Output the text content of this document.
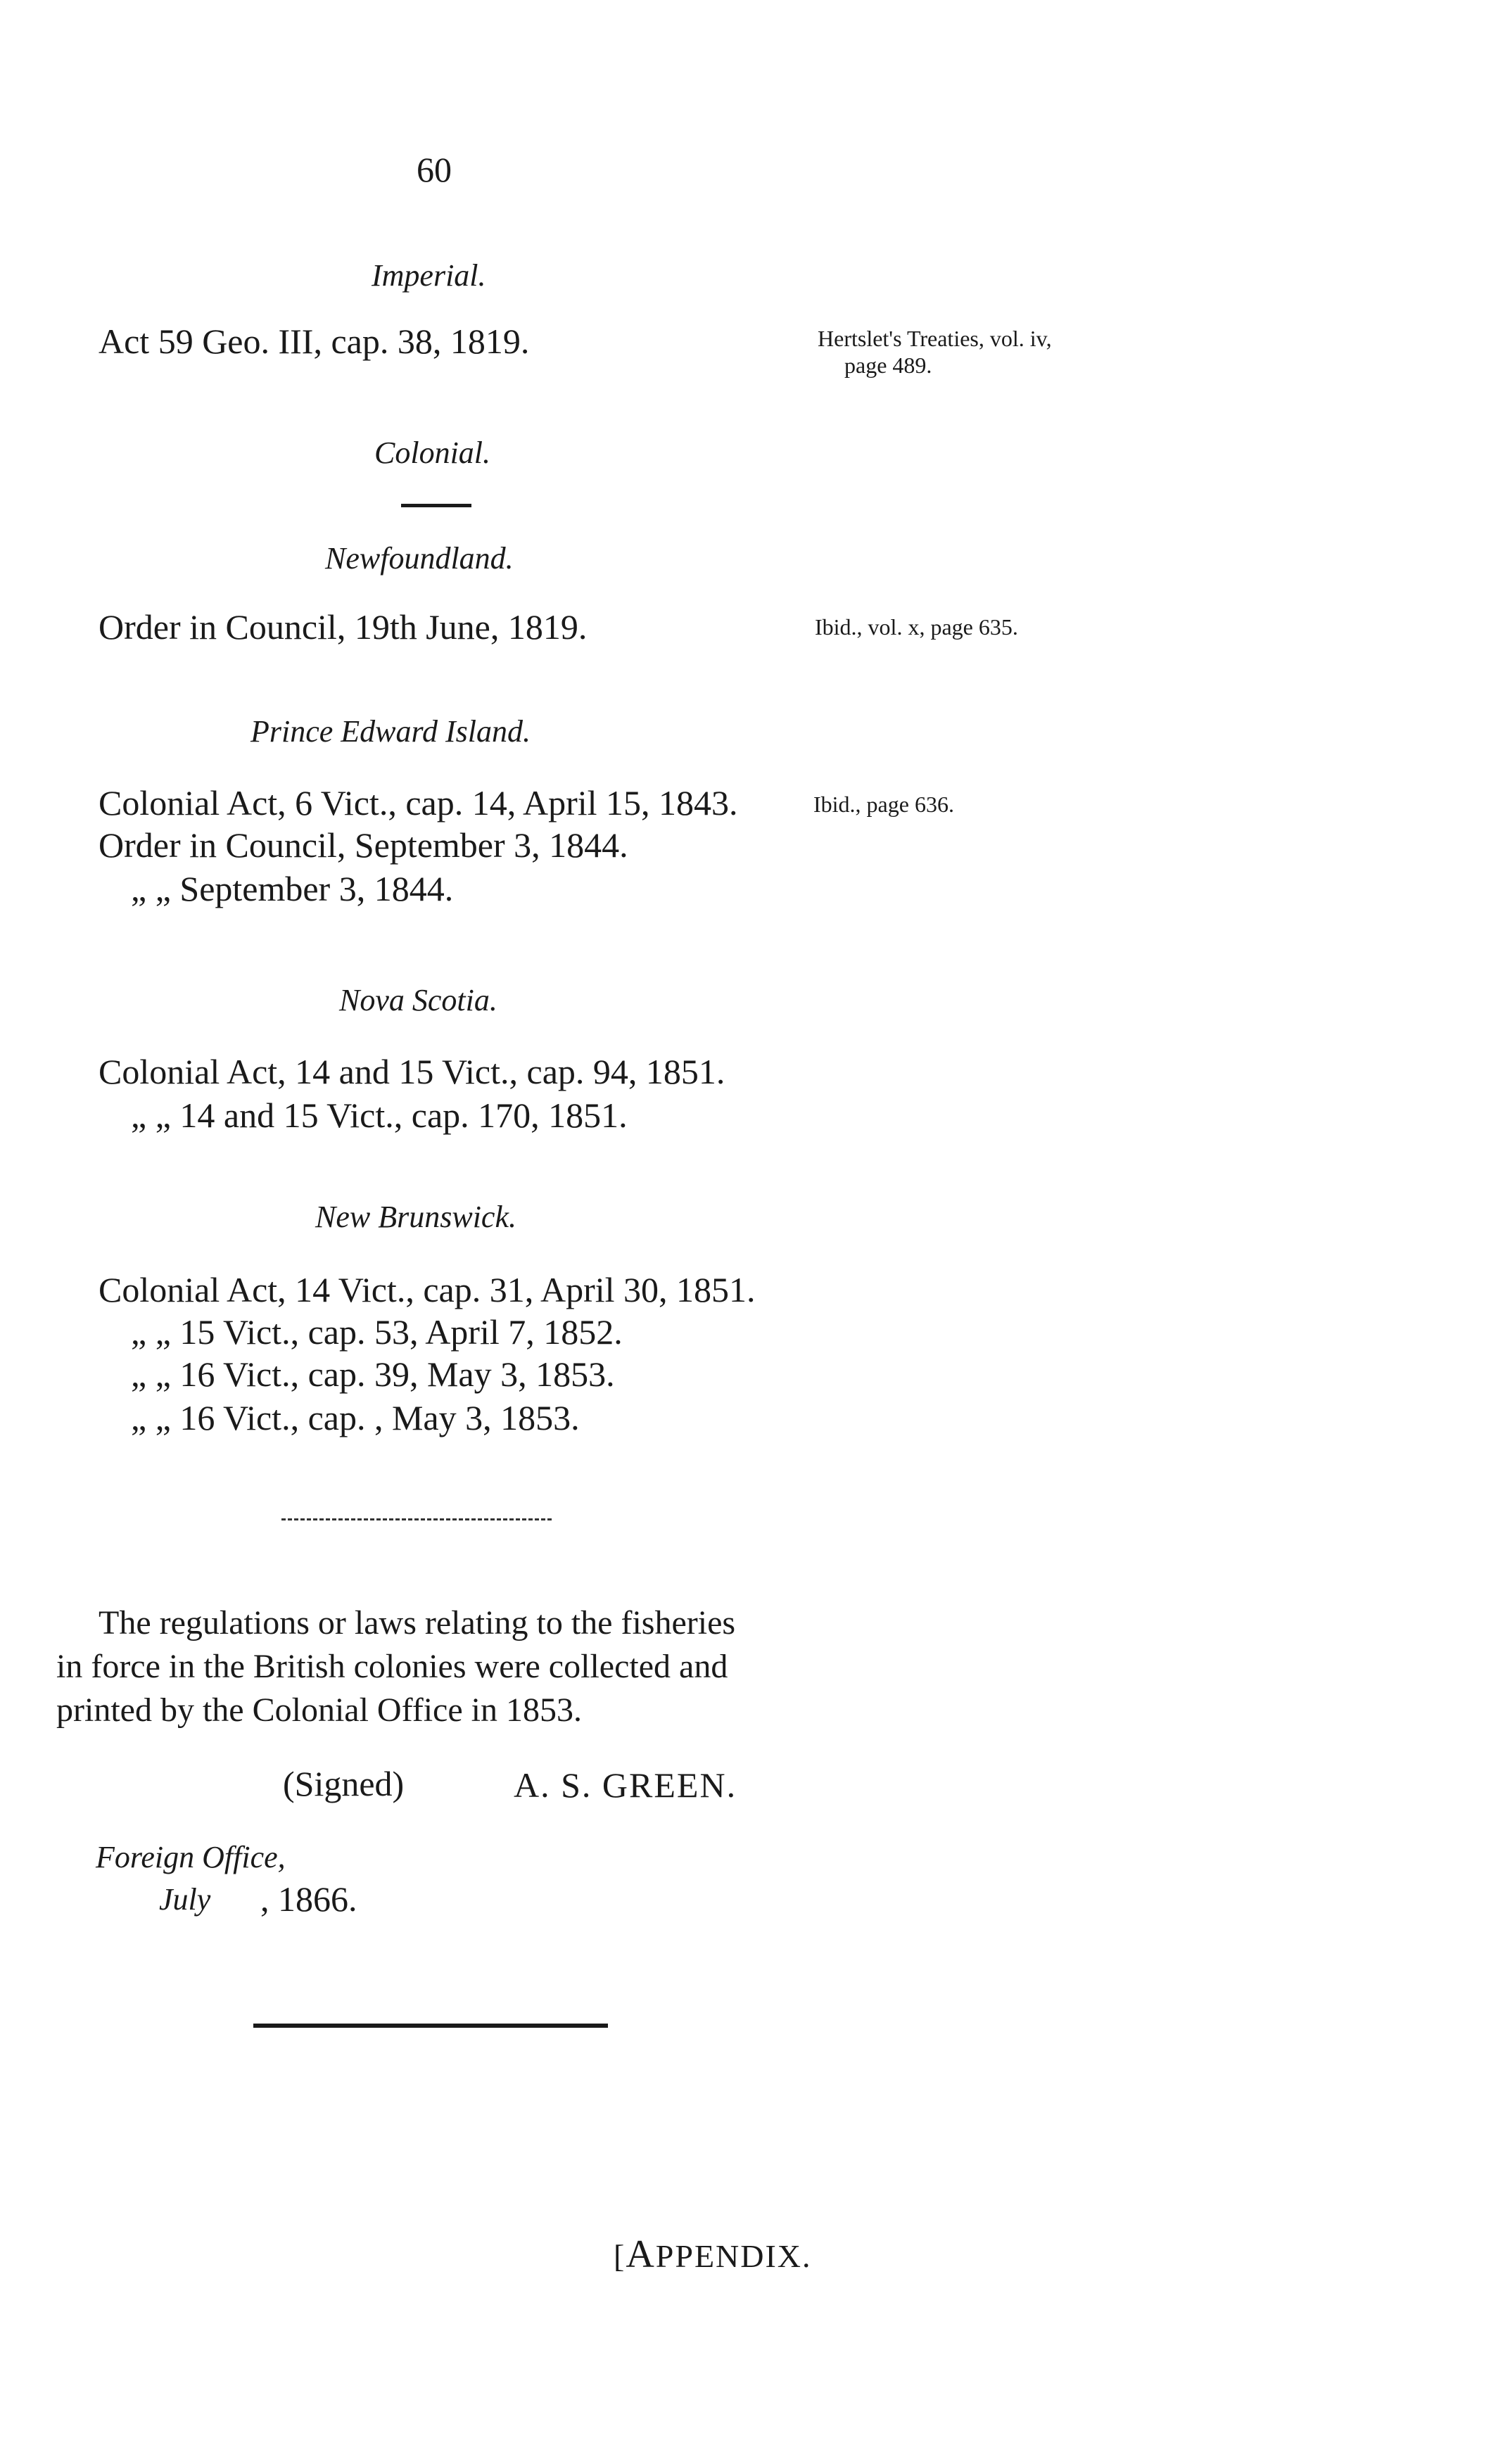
60
Imperial.
Act 59 Geo. III, cap. 38, 1819.	Hertslet's Treaties, vol. iv,
page 489.
Colonial.
Newfoundland.
Order in Council, 19th June, 1819.	Ibid., vol. x, page 635.
Prince Edward Island.
Colonial Act, 6 Vict., cap. 14, April 15, 1843.	Ibid., page 636.
Order in Council, September 3, 1844.
„ „ September 3, 1844.
Nova Scotia.
Colonial Act, 14 and 15 Vict., cap. 94, 1851.
„ „ 14 and 15 Vict., cap. 170, 1851.
New Brunswick.
Colonial Act, 14 Vict., cap. 31, April 30, 1851.
„ „ 15 Vict., cap. 53, April 7, 1852.
„ „ 16 Vict., cap. 39, May 3, 1853.
„ „ 16 Vict., cap. , May 3, 1853.
The regulations or laws relating to the fisheries
in force in the British colonies were collected and
printed by the Colonial Office in 1853.
(Signed)	A. S. GREEN.
Foreign Office,
July , 1866.
[APPENDIX.
